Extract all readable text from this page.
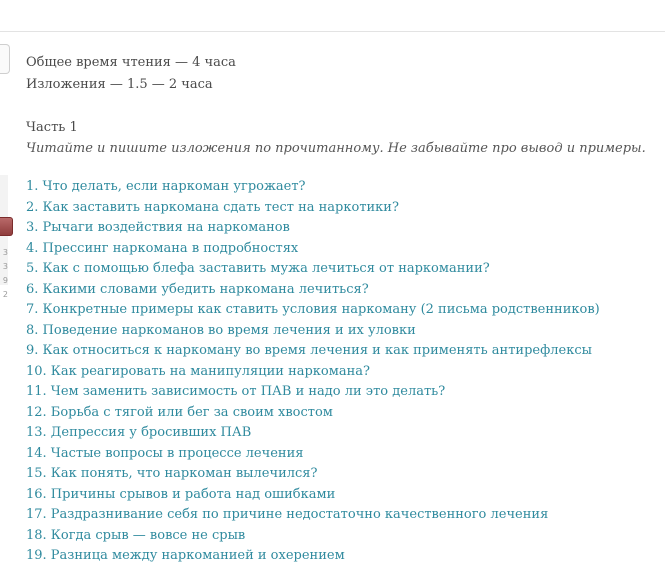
3
3
9
2

Общее время чтения — 4 часа

Изложения — 1.5 — 2 часа

Часть 1

Читайте и пишите изложения по прочитанному. Не забывайте про вывод и примеры.

1. Что делать, если наркоман угрожает?
2. Как заставить наркомана сдать тест на наркотики?
3. Рычаги воздействия на наркоманов
4. Прессинг наркомана в подробностях
5. Как с помощью блефа заставить мужа лечиться от наркомании?
6. Какими словами убедить наркомана лечиться?
7. Конкретные примеры как ставить условия наркоману (2 письма родственников)
8. Поведение наркоманов во время лечения и их уловки
9. Как относиться к наркоману во время лечения и как применять антирефлексы
10. Как реагировать на манипуляции наркомана?
11. Чем заменить зависимость от ПАВ и надо ли это делать?
12. Борьба с тягой или бег за своим хвостом
13. Депрессия у бросивших ПАВ
14. Частые вопросы в процессе лечения
15. Как понять, что наркоман вылечился?
16. Причины срывов и работа над ошибками
17. Раздразнивание себя по причине недостаточно качественного лечения
18. Когда срыв — вовсе не срыв
19. Разница между наркоманией и охерением
